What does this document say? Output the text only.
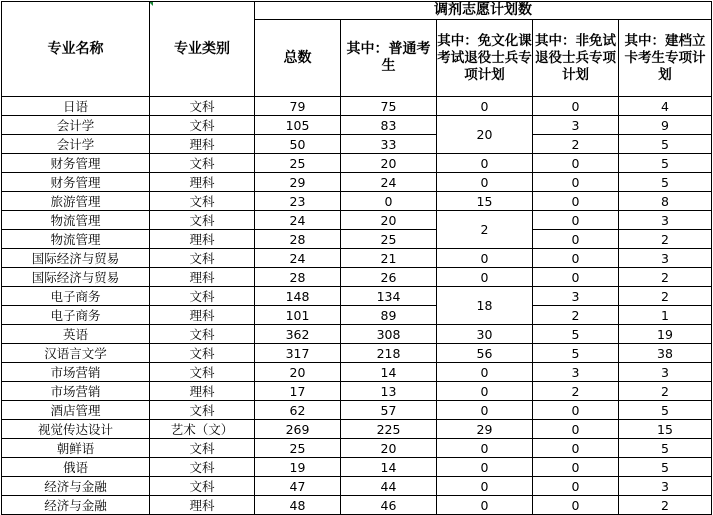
专业名称	专业类别	调剂志愿计划数				
		总数	其中：普通考生	其中：免文化课考试退役士兵专项计划	其中：非免试退役士兵专项计划	其中：建档立卡考生专项计划
日语	文科	79	75	0	0	4
会计学	文科	105	83	20	3	9
会计学	理科	50	33		2	5
财务管理	文科	25	20	0	0	5
财务管理	理科	29	24	0	0	5
旅游管理	文科	23	0	15	0	8
物流管理	文科	24	20	2	0	3
物流管理	理科	28	25		0	2
国际经济与贸易	文科	24	21	0	0	3
国际经济与贸易	理科	28	26	0	0	2
电子商务	文科	148	134	18	3	2
电子商务	理科	101	89		2	1
英语	文科	362	308	30	5	19
汉语言文学	文科	317	218	56	5	38
市场营销	文科	20	14	0	3	3
市场营销	理科	17	13	0	2	2
酒店管理	文科	62	57	0	0	5
视觉传达设计	艺术（文）	269	225	29	0	15
朝鲜语	文科	25	20	0	0	5
俄语	文科	19	14	0	0	5
经济与金融	文科	47	44	0	0	3
经济与金融	理科	48	46	0	0	2
